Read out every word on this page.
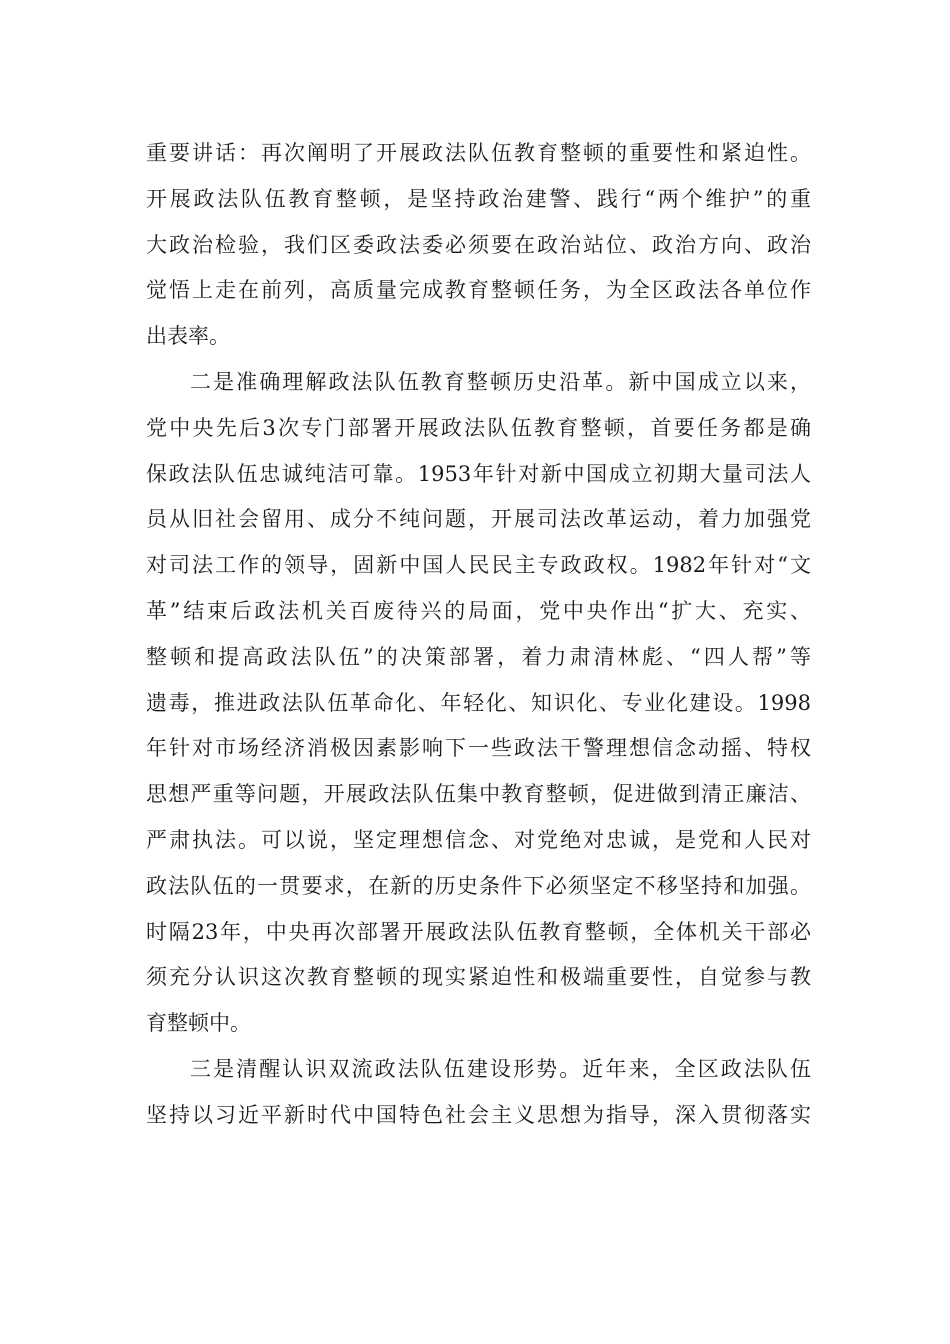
重要讲话：再次阐明了开展政法队伍教育整顿的重要性和紧迫性。
开展政法队伍教育整顿，是坚持政治建警、践行“两个维护”的重
大政治检验，我们区委政法委必须要在政治站位、政治方向、政治
觉悟上走在前列，高质量完成教育整顿任务，为全区政法各单位作
出表率。
二是准确理解政法队伍教育整顿历史沿革。新中国成立以来，
党中央先后3次专门部署开展政法队伍教育整顿，首要任务都是确
保政法队伍忠诚纯洁可靠。1953年针对新中国成立初期大量司法人
员从旧社会留用、成分不纯问题，开展司法改革运动，着力加强党
对司法工作的领导，固新中国人民民主专政政权。1982年针对“文
革”结束后政法机关百废待兴的局面，党中央作出“扩大、充实、
整顿和提高政法队伍”的决策部署，着力肃清林彪、“四人帮”等
遗毒，推进政法队伍革命化、年轻化、知识化、专业化建设。1998
年针对市场经济消极因素影响下一些政法干警理想信念动摇、特权
思想严重等问题，开展政法队伍集中教育整顿，促进做到清正廉洁、
严肃执法。可以说，坚定理想信念、对党绝对忠诚，是党和人民对
政法队伍的一贯要求，在新的历史条件下必须坚定不移坚持和加强。
时隔23年，中央再次部署开展政法队伍教育整顿，全体机关干部必
须充分认识这次教育整顿的现实紧迫性和极端重要性，自觉参与教
育整顿中。
三是清醒认识双流政法队伍建设形势。近年来，全区政法队伍
坚持以习近平新时代中国特色社会主义思想为指导，深入贯彻落实
